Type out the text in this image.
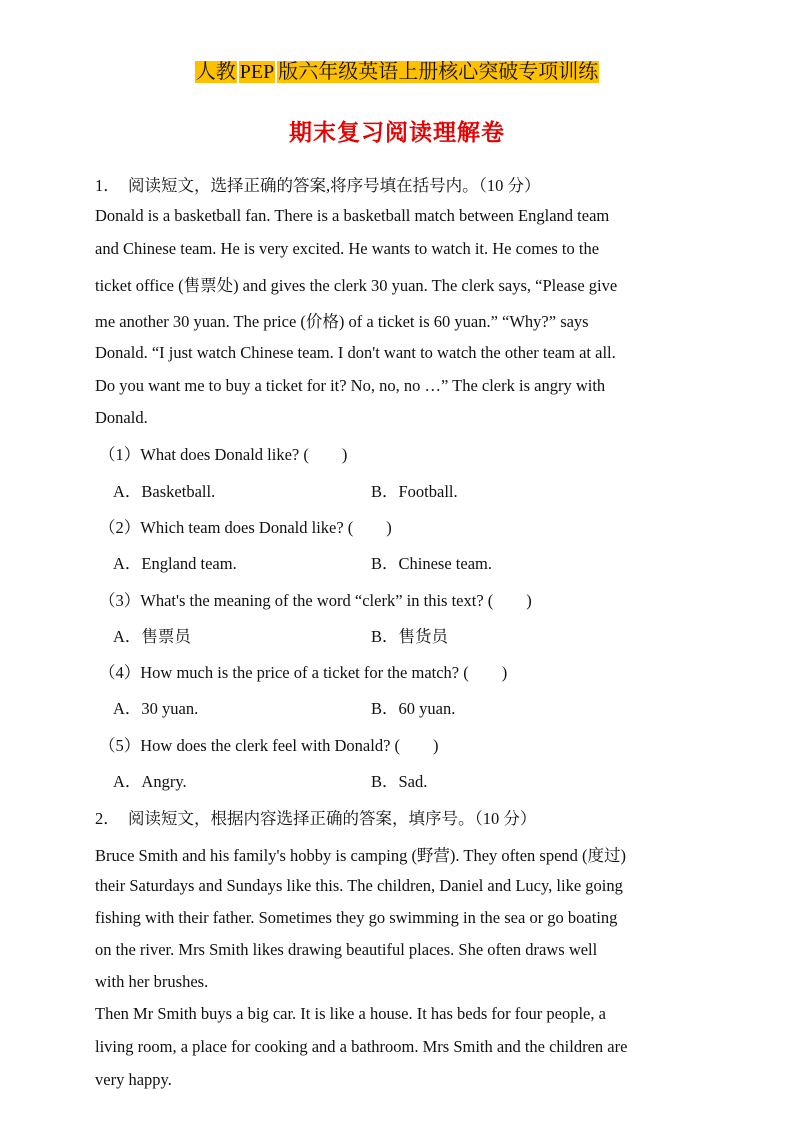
人教 PEP 版六年级英语上册核心突破专项训练
期末复习阅读理解卷
1．　阅读短文，选择正确的答案,将序号填在括号内。（10 分）
Donald is a basketball fan. There is a basketball match between England team
and Chinese team. He is very excited. He wants to watch it. He comes to the
ticket office (售票处) and gives the clerk 30 yuan. The clerk says, “Please give
me another 30 yuan. The price (价格) of a ticket is 60 yuan.” “Why?” says
Donald. “I just watch Chinese team. I don't want to watch the other team at all.
Do you want me to buy a ticket for it? No, no, no …” The clerk is angry with
Donald.
（1）What does Donald like? (　　)
A．Basketball.	B．Football.
（2）Which team does Donald like? (　　)
A．England team.	B．Chinese team.
（3）What's the meaning of the word “clerk” in this text? (　　)
A．售票员	B．售货员
（4）How much is the price of a ticket for the match? (　　)
A．30 yuan.	B．60 yuan.
（5）How does the clerk feel with Donald? (　　)
A．Angry.	B．Sad.
2．　阅读短文，根据内容选择正确的答案，填序号。（10 分）
Bruce Smith and his family's hobby is camping (野营). They often spend (度过)
their Saturdays and Sundays like this. The children, Daniel and Lucy, like going
fishing with their father. Sometimes they go swimming in the sea or go boating
on the river. Mrs Smith likes drawing beautiful places. She often draws well
with her brushes.
Then Mr Smith buys a big car. It is like a house. It has beds for four people, a
living room, a place for cooking and a bathroom. Mrs Smith and the children are
very happy.
